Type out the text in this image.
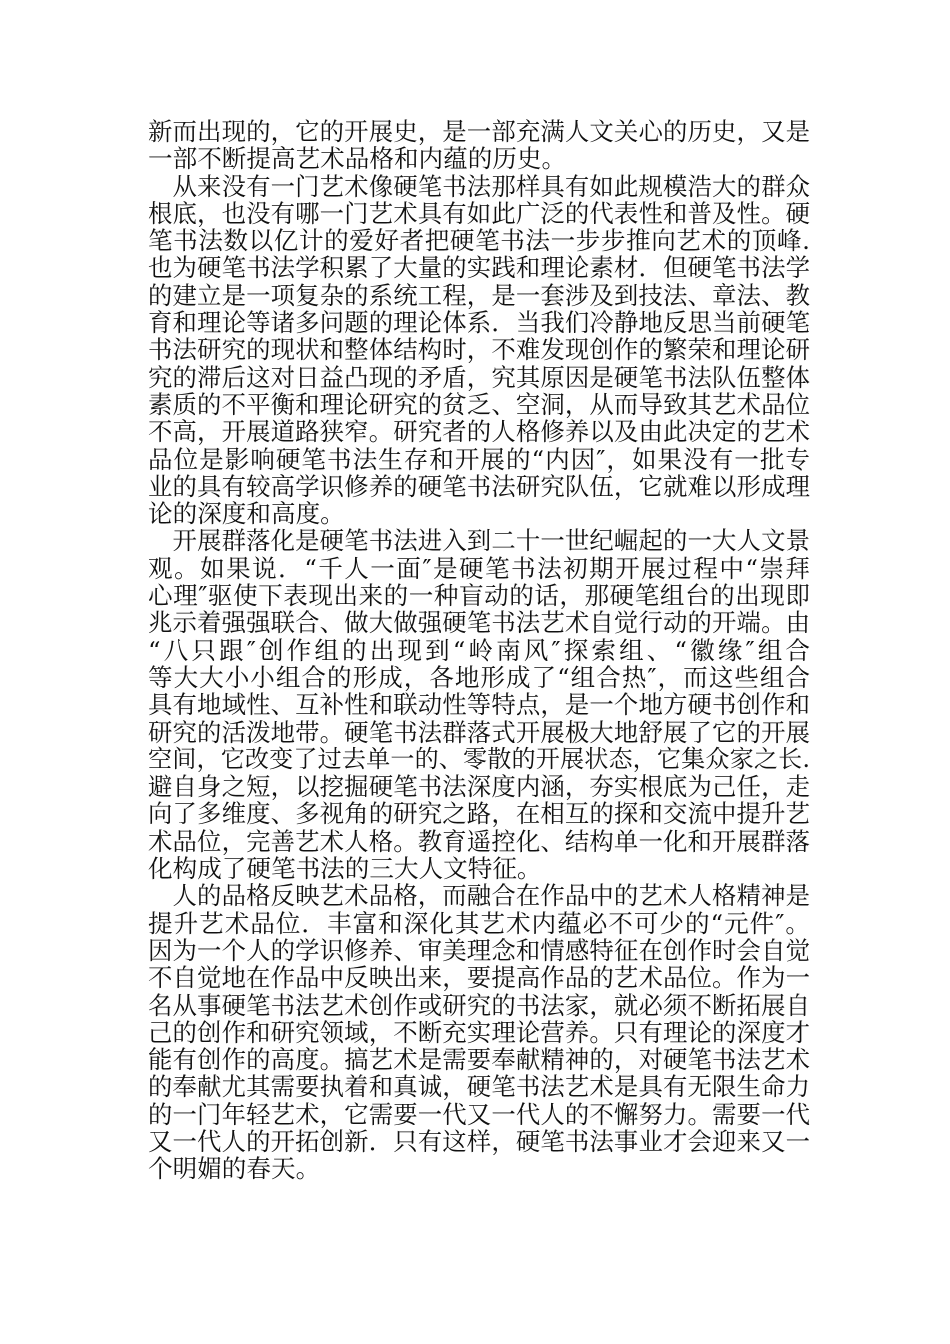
新而出现的，它的开展史，是一部充满人文关心的历史，又是
一部不断提高艺术品格和内蕴的历史。
　从来没有一门艺术像硬笔书法那样具有如此规模浩大的群众
根底，也没有哪一门艺术具有如此广泛的代表性和普及性。硬
笔书法数以亿计的爱好者把硬笔书法一步步推向艺术的顶峰.
也为硬笔书法学积累了大量的实践和理论素材．但硬笔书法学
的建立是一项复杂的系统工程，是一套涉及到技法、章法、教
育和理论等诸多问题的理论体系．当我们冷静地反思当前硬笔
书法研究的现状和整体结构时，不难发现创作的繁荣和理论研
究的滞后这对日益凸现的矛盾，究其原因是硬笔书法队伍整体
素质的不平衡和理论研究的贫乏、空洞，从而导致其艺术品位
不高，开展道路狭窄。研究者的人格修养以及由此决定的艺术
品位是影响硬笔书法生存和开展的“内因″，如果没有一批专
业的具有较高学识修养的硬笔书法研究队伍，它就难以形成理
论的深度和高度。
　开展群落化是硬笔书法进入到二十一世纪崛起的一大人文景
观。如果说．“千人一面″是硬笔书法初期开展过程中“崇拜
心理″驱使下表现出来的一种盲动的话，那硬笔组台的出现即
兆示着强强联合、做大做强硬笔书法艺术自觉行动的开端。由
“八只跟″创作组的出现到“岭南风″探索组、“徽缘″组合
等大大小小组合的形成，各地形成了“组合热″，而这些组合
具有地域性、互补性和联动性等特点，是一个地方硬书创作和
研究的活泼地带。硬笔书法群落式开展极大地舒展了它的开展
空间，它改变了过去单一的、零散的开展状态，它集众家之长.
避自身之短，以挖掘硬笔书法深度内涵，夯实根底为己任，走
向了多维度、多视角的研究之路，在相互的探和交流中提升艺
术品位，完善艺术人格。教育遥控化、结构单一化和开展群落
化构成了硬笔书法的三大人文特征。
　人的品格反映艺术品格，而融合在作品中的艺术人格精神是
提升艺术品位．丰富和深化其艺术内蕴必不可少的“元件″。
因为一个人的学识修养、审美理念和情感特征在创作时会自觉
不自觉地在作品中反映出来，要提高作品的艺术品位。作为一
名从事硬笔书法艺术创作或研究的书法家，就必须不断拓展自
己的创作和研究领域，不断充实理论营养。只有理论的深度才
能有创作的高度。搞艺术是需要奉献精神的，对硬笔书法艺术
的奉献尤其需要执着和真诚，硬笔书法艺术是具有无限生命力
的一门年轻艺术，它需要一代又一代人的不懈努力。需要一代
又一代人的开拓创新．只有这样，硬笔书法事业才会迎来又一
个明媚的春天。
